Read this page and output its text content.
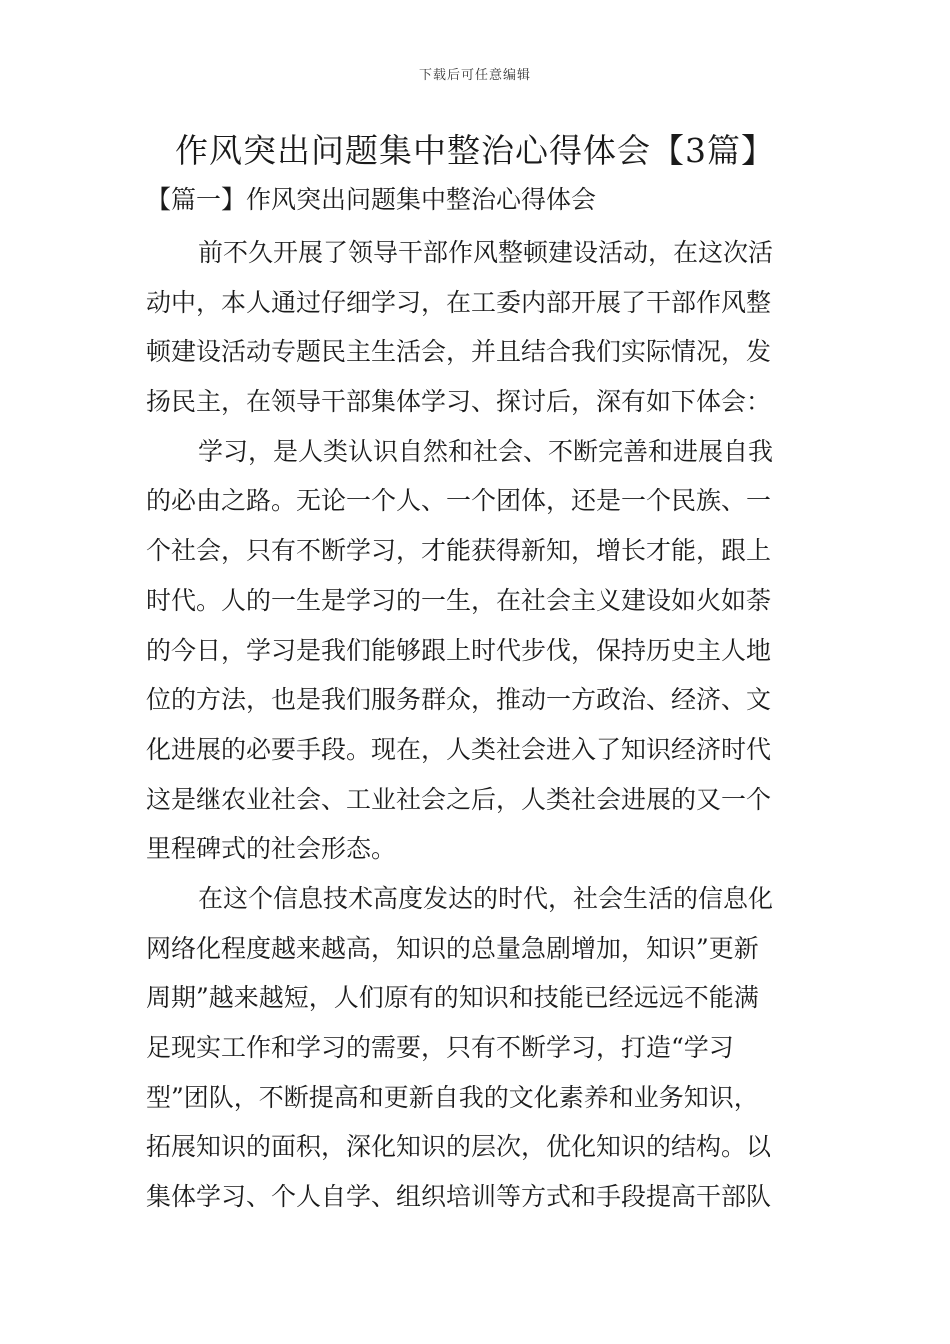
下载后可任意编辑
作风突出问题集中整治心得体会【3篇】
【篇一】作风突出问题集中整治心得体会

前不久开展了领导干部作风整顿建设活动，在这次活
动中，本人通过仔细学习，在工委内部开展了干部作风整
顿建设活动专题民主生活会，并且结合我们实际情况，发
扬民主，在领导干部集体学习、探讨后，深有如下体会：

学习，是人类认识自然和社会、不断完善和进展自我
的必由之路。无论一个人、一个团体，还是一个民族、一
个社会，只有不断学习，才能获得新知，增长才能，跟上
时代。人的一生是学习的一生，在社会主义建设如火如荼
的今日，学习是我们能够跟上时代步伐，保持历史主人地
位的方法，也是我们服务群众，推动一方政治、经济、文
化进展的必要手段。现在，人类社会进入了知识经济时代
这是继农业社会、工业社会之后，人类社会进展的又一个
里程碑式的社会形态。

在这个信息技术高度发达的时代，社会生活的信息化
网络化程度越来越高，知识的总量急剧增加，知识”更新
周期”越来越短，人们原有的知识和技能已经远远不能满
足现实工作和学习的需要，只有不断学习，打造“学习
型”团队，不断提高和更新自我的文化素养和业务知识，
拓展知识的面积，深化知识的层次，优化知识的结构。以
集体学习、个人自学、组织培训等方式和手段提高干部队
